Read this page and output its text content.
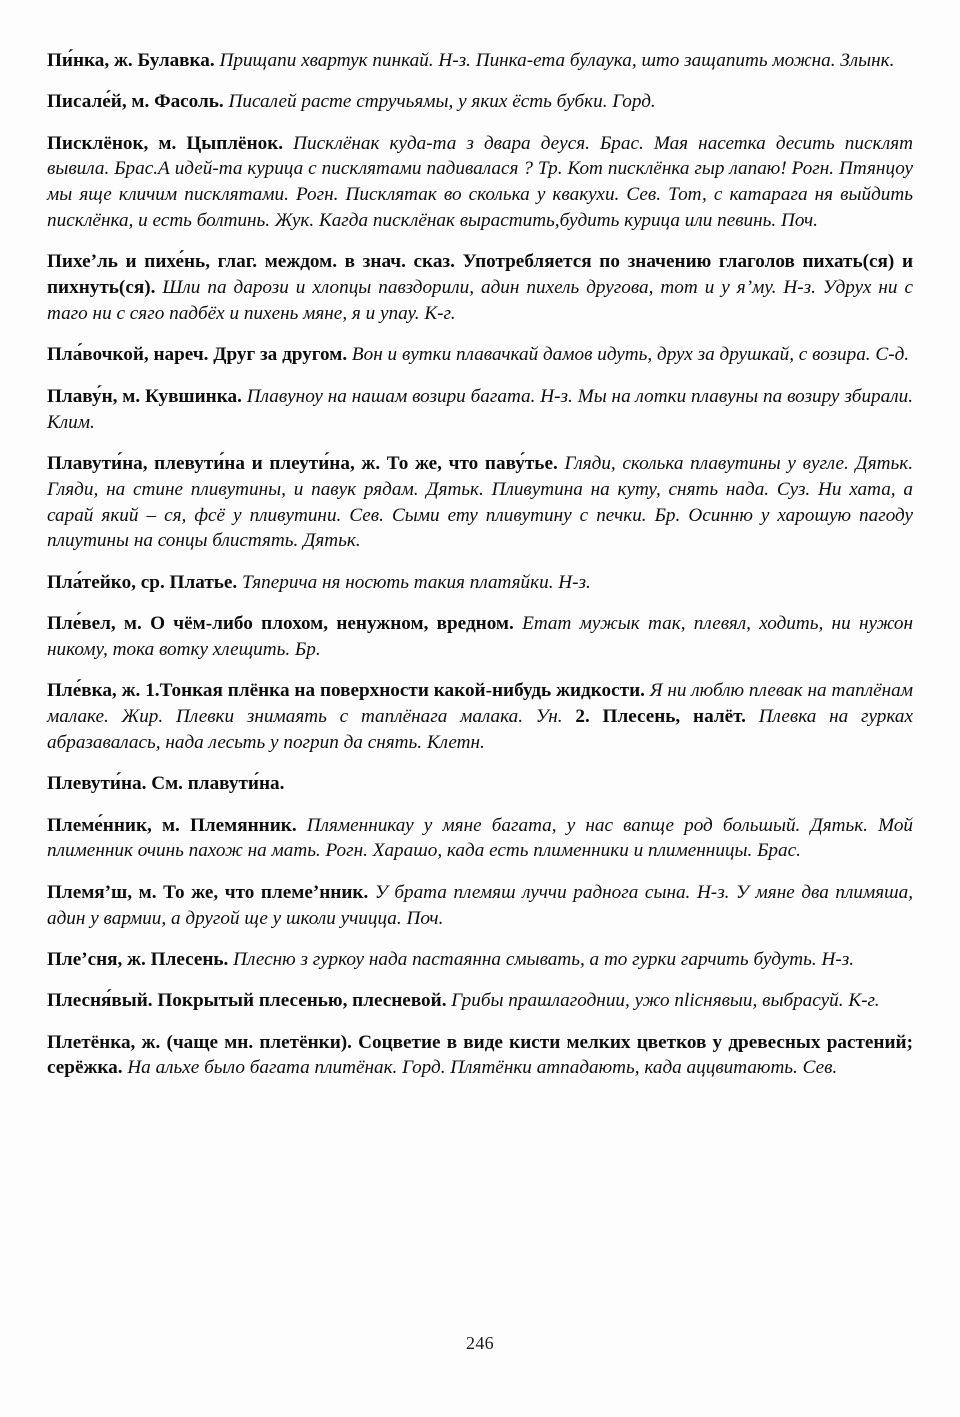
Пи́нка, ж. Булавка. Прищапи хвартук пинкай. Н-з. Пинка-ета булаука, што защапить можна. Злынк.

Писале́й, м. Фасоль. Писалей расте стручьямы, у яких ёсть бубки. Горд.

Писклёнок, м. Цыплёнок. Писклёнак куда-та з двара деуся. Брас. Мая насетка десить писклят вывила. Брас.А идей-та курица с писклятами падивалася ? Тр. Кот писклёнка гыр лапаю! Рогн. Птянцоу мы яще кличим писклятами. Рогн. Писклятак во сколька у квакухи. Сев. Тот, с катарага ня выйдить писклёнка, и есть болтинь. Жук. Кагда писклёнак вырастить,будить курица или певинь. Поч.

Пихе’ль и пихе́нь, глаг. междом. в знач. сказ. Употребляется по значению глаголов пихать(ся) и пихнуть(ся). Шли па дарози и хлопцы павздорили, адин пихель другова, тот и у я’му. Н-з. Удрух ни с таго ни с сяго падбёх и пихень мяне, я и упау. К-г.

Пла́вочкой, нареч. Друг за другом. Вон и вутки плавачкай дамов идуть, друх за друшкай, с возира. С-д.

Плаву́н, м. Кувшинка. Плавуноу на нашам возири багата. Н-з. Мы на лотки плавуны па возиру збирали. Клим.

Плавути́на, плевути́на и плеути́на, ж. То же, что паву́тье. Гляди, сколька плавутины у вугле. Дятьк. Гляди, на стине пливутины, и павук рядам. Дятьк. Пливутина на куту, снять нада. Суз. Ни хата, а сарай який – ся, фсё у пливутини. Сев. Сыми ету пливутину с печки. Бр. Осинню у харошую пагоду плиутины на сонцы блистять. Дятьк.

Пла́тейко, ср. Платье. Тяперича ня носють такия платяйки. Н-з.

Пле́вел, м. О чём-либо плохом, ненужном, вредном. Етат мужык так, плевял, ходить, ни нужон никому, тока вотку хлещить. Бр.

Пле́вка, ж. 1.Тонкая плёнка на поверхности какой-нибудь жидкости. Я ни люблю плевак на таплёнам малаке. Жир. Плевки знимаять с таплёнага малака. Ун. 2. Плесень, налёт. Плевка на гурках абразавалась, нада лесьть у погрип да снять. Клетн.

Плевути́на. См. плавути́на.

Племе́нник, м. Племянник. Пляменникау у мяне багата, у нас вапще род большый. Дятьк. Мой плименник очинь пахож на мать. Рогн. Харашо, када есть плименники и плименницы. Брас.

Племя’ш, м. То же, что племе’нник. У брата племяш луччи раднога сына. Н-з. У мяне два плимяша, адин у вармии, а другой ще у школи учицца. Поч.

Пле’сня, ж. Плесень. Плесню з гуркоу нада пастаянна смывать, а то гурки гарчить будуть. Н-з.

Плесня́вый. Покрытый плесенью, плесневой. Грибы прашлагоднии, ужо пliснявыи, выбрасуй. К-г.

Плетёнка, ж. (чаще мн. плетёнки). Соцветие в виде кисти мелких цветков у древесных растений; серёжка. На альхе было багата плитёнак. Горд. Плятёнки атпадають, када аццвитають. Сев.

246
